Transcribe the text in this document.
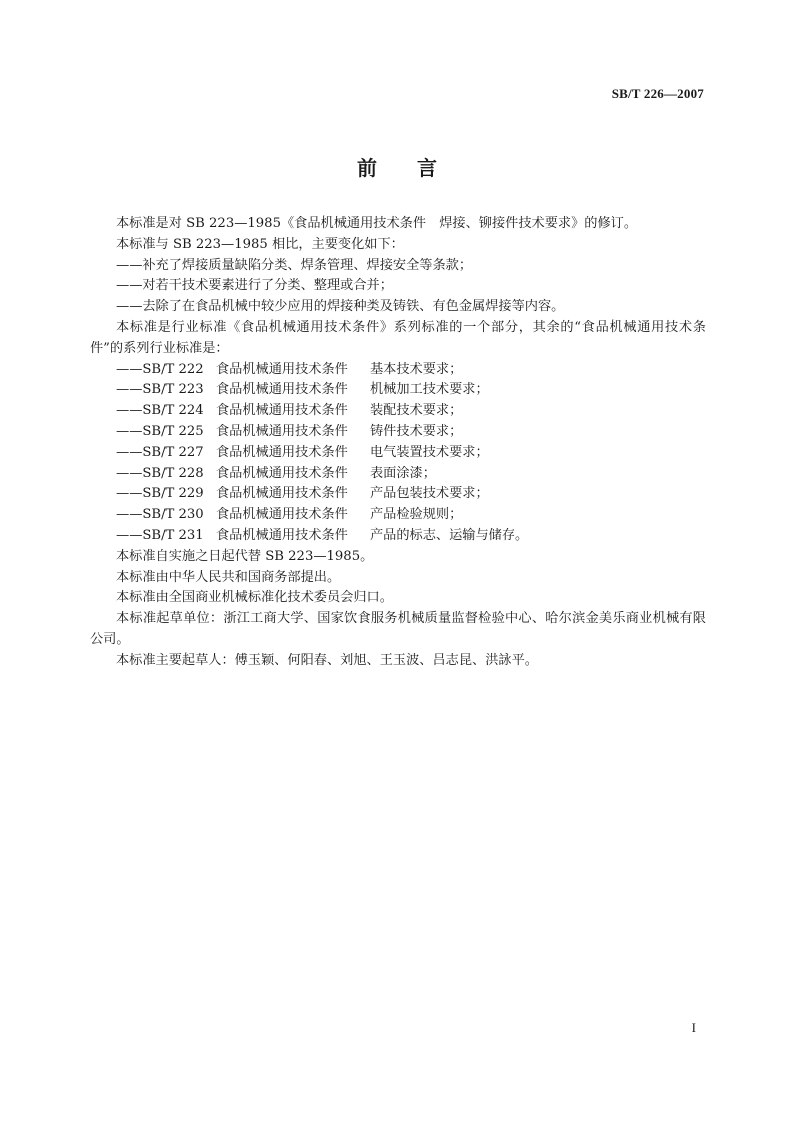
SB/T 226—2007
前言

本标准是对 SB 223—1985《食品机械通用技术条件　焊接、铆接件技术要求》的修订。

本标准与 SB 223—1985 相比，主要变化如下：

——补充了焊接质量缺陷分类、焊条管理、焊接安全等条款；

——对若干技术要素进行了分类、整理或合并；

——去除了在食品机械中较少应用的焊接种类及铸铁、有色金属焊接等内容。

本标准是行业标准《食品机械通用技术条件》系列标准的一个部分，其余的“食品机械通用技术条件”的系列行业标准是：

——SB/T 222 食品机械通用技术条件 基本技术要求；

——SB/T 223 食品机械通用技术条件 机械加工技术要求；

——SB/T 224 食品机械通用技术条件 装配技术要求；

——SB/T 225 食品机械通用技术条件 铸件技术要求；

——SB/T 227 食品机械通用技术条件 电气装置技术要求；

——SB/T 228 食品机械通用技术条件 表面涂漆；

——SB/T 229 食品机械通用技术条件 产品包装技术要求；

——SB/T 230 食品机械通用技术条件 产品检验规则；

——SB/T 231 食品机械通用技术条件 产品的标志、运输与储存。

本标准自实施之日起代替 SB 223—1985。

本标准由中华人民共和国商务部提出。

本标准由全国商业机械标准化技术委员会归口。

本标准起草单位：浙江工商大学、国家饮食服务机械质量监督检验中心、哈尔滨金美乐商业机械有限公司。

本标准主要起草人：傅玉颖、何阳春、刘旭、王玉波、吕志昆、洪詠平。

I
